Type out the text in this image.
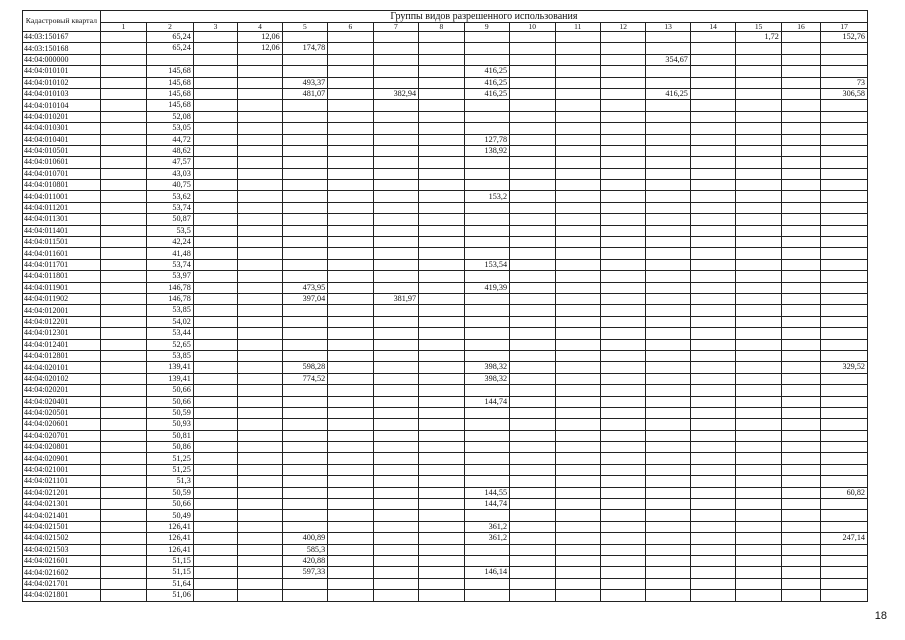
Кадастровый квартал	Группы видов разрешенного использования																
	1	2	3	4	5	6	7	8	9	10	11	12	13	14	15	16	17
44:03:150167		65,24		12,06											1,72		152,76
44:03:150168		65,24		12,06	174,78												
44:04:000000													354,67				
44:04:010101		145,68							416,25								
44:04:010102		145,68			493,37				416,25								73
44:04:010103		145,68			481,07		382,94		416,25				416,25				306,58
44:04:010104		145,68															
44:04:010201		52,08															
44:04:010301		53,05															
44:04:010401		44,72							127,78								
44:04:010501		48,62							138,92								
44:04:010601		47,57															
44:04:010701		43,03															
44:04:010801		40,75															
44:04:011001		53,62							153,2								
44:04:011201		53,74															
44:04:011301		50,87															
44:04:011401		53,5															
44:04:011501		42,24															
44:04:011601		41,48															
44:04:011701		53,74							153,54								
44:04:011801		53,97															
44:04:011901		146,78			473,95				419,39								
44:04:011902		146,78			397,04		381,97										
44:04:012001		53,85															
44:04:012201		54,02															
44:04:012301		53,44															
44:04:012401		52,65															
44:04:012801		53,85															
44:04:020101		139,41			598,28				398,32								329,52
44:04:020102		139,41			774,52				398,32								
44:04:020201		50,66															
44:04:020401		50,66							144,74								
44:04:020501		50,59															
44:04:020601		50,93															
44:04:020701		50,81															
44:04:020801		50,86															
44:04:020901		51,25															
44:04:021001		51,25															
44:04:021101		51,3															
44:04:021201		50,59							144,55								60,82
44:04:021301		50,66							144,74								
44:04:021401		50,49															
44:04:021501		126,41							361,2								
44:04:021502		126,41			400,89				361,2								247,14
44:04:021503		126,41			585,3												
44:04:021601		51,15			420,88												
44:04:021602		51,15			597,33				146,14								
44:04:021701		51,64															
44:04:021801		51,06															
18
